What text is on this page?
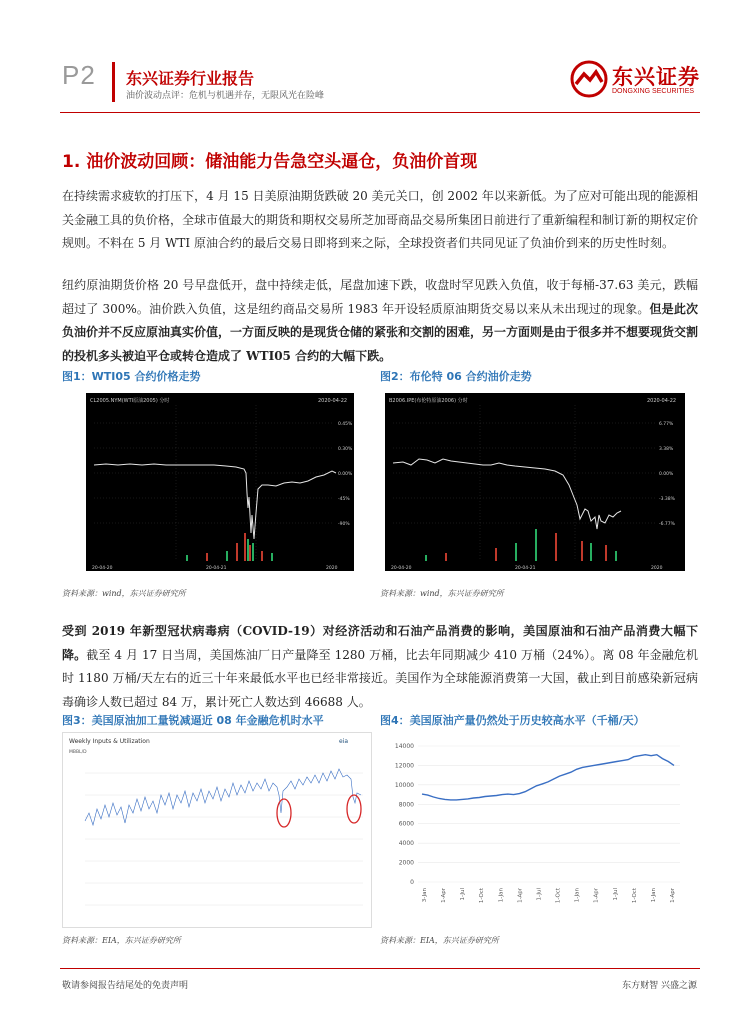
P2 东兴证券行业报告
油价波动点评：危机与机遇并存，无限风光在险峰
东兴证券
DONGXING SECURITIES
1. 油价波动回顾：储油能力告急空头逼仓，负油价首现
在持续需求疲软的打压下，4 月 15 日美原油期货跌破 20 美元关口，创 2002 年以来新低。为了应对可能出现的能源相关金融工具的负价格，全球市值最大的期货和期权交易所芝加哥商品交易所集团日前进行了重新编程和制订新的期权定价规则。不料在 5 月 WTI 原油合约的最后交易日即将到来之际，全球投资者们共同见证了负油价到来的历史性时刻。
纽约原油期货价格 20 号早盘低开，盘中持续走低，尾盘加速下跌，收盘时罕见跌入负值，收于每桶-37.63 美元，跌幅超过了 300%。油价跌入负值，这是纽约商品交易所 1983 年开设轻质原油期货交易以来从未出现过的现象。但是此次负油价并不反应原油真实价值，一方面反映的是现货仓储的紧张和交割的困难，另一方面则是由于很多并不想要现货交割的投机多头被迫平仓或转仓造成了 WTI05 合约的大幅下跌。
图1：WTI05 合约价格走势
CL2005.NYM(WTI原油2005) 分时	2020-04-22
0.45%
0.30%
0.00%
-45%
-90%
20-04-20	20-04-21	2020
资料来源：wind，东兴证券研究所
图2：布伦特 06 合约油价走势
B2006.IPE(布伦特原油2006) 分时	2020-04-22
6.77%
3.38%
0.00%
-3.38%
-6.77%
20-04-20	20-04-21	2020
资料来源：wind，东兴证券研究所
受到 2019 年新型冠状病毒病（COVID-19）对经济活动和石油产品消费的影响，美国原油和石油产品消费大幅下降。截至 4 月 17 日当周，美国炼油厂日产量降至 1280 万桶，比去年同期减少 410 万桶（24%）。离 08 年金融危机时 1180 万桶/天左右的近三十年来最低水平也已经非常接近。美国作为全球能源消费第一大国，截止到目前感染新冠病毒确诊人数已超过 84 万，累计死亡人数达到 46688 人。
图3：美国原油加工量锐减逼近 08 年金融危机时水平
Weekly Inputs & Utilization	eia
MBBL/D
资料来源：EIA，东兴证券研究所
图4：美国原油产量仍然处于历史较高水平（千桶/天）
14000
12000
10000
8000
6000
4000
2000
0
3-Jan 1-Apr 1-Jul 1-Oct 1-Jan 1-Apr 1-Jul 1-Oct 1-Jan 1-Apr 1-Jul 1-Oct 1-Jan 1-Apr
资料来源：EIA，东兴证券研究所
敬请参阅报告结尾处的免责声明	东方财智 兴盛之源
